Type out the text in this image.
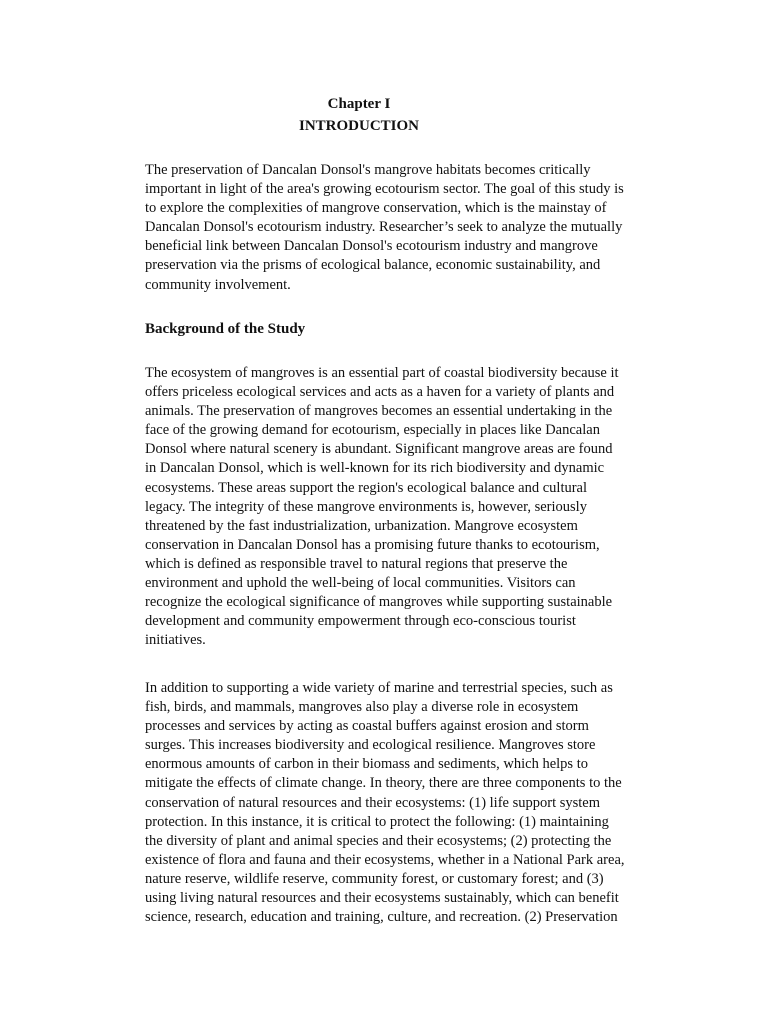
Chapter I
INTRODUCTION

The preservation of Dancalan Donsol's mangrove habitats becomes critically
important in light of the area's growing ecotourism sector. The goal of this study is
to explore the complexities of mangrove conservation, which is the mainstay of
Dancalan Donsol's ecotourism industry. Researcher’s seek to analyze the mutually
beneficial link between Dancalan Donsol's ecotourism industry and mangrove
preservation via the prisms of ecological balance, economic sustainability, and
community involvement.

Background of the Study

The ecosystem of mangroves is an essential part of coastal biodiversity because it
offers priceless ecological services and acts as a haven for a variety of plants and
animals. The preservation of mangroves becomes an essential undertaking in the
face of the growing demand for ecotourism, especially in places like Dancalan
Donsol where natural scenery is abundant. Significant mangrove areas are found
in Dancalan Donsol, which is well-known for its rich biodiversity and dynamic
ecosystems. These areas support the region's ecological balance and cultural
legacy. The integrity of these mangrove environments is, however, seriously
threatened by the fast industrialization, urbanization. Mangrove ecosystem
conservation in Dancalan Donsol has a promising future thanks to ecotourism,
which is defined as responsible travel to natural regions that preserve the
environment and uphold the well-being of local communities. Visitors can
recognize the ecological significance of mangroves while supporting sustainable
development and community empowerment through eco-conscious tourist
initiatives.

In addition to supporting a wide variety of marine and terrestrial species, such as
fish, birds, and mammals, mangroves also play a diverse role in ecosystem
processes and services by acting as coastal buffers against erosion and storm
surges. This increases biodiversity and ecological resilience. Mangroves store
enormous amounts of carbon in their biomass and sediments, which helps to
mitigate the effects of climate change. In theory, there are three components to the
conservation of natural resources and their ecosystems: (1) life support system
protection. In this instance, it is critical to protect the following: (1) maintaining
the diversity of plant and animal species and their ecosystems; (2) protecting the
existence of flora and fauna and their ecosystems, whether in a National Park area,
nature reserve, wildlife reserve, community forest, or customary forest; and (3)
using living natural resources and their ecosystems sustainably, which can benefit
science, research, education and training, culture, and recreation. (2) Preservation
